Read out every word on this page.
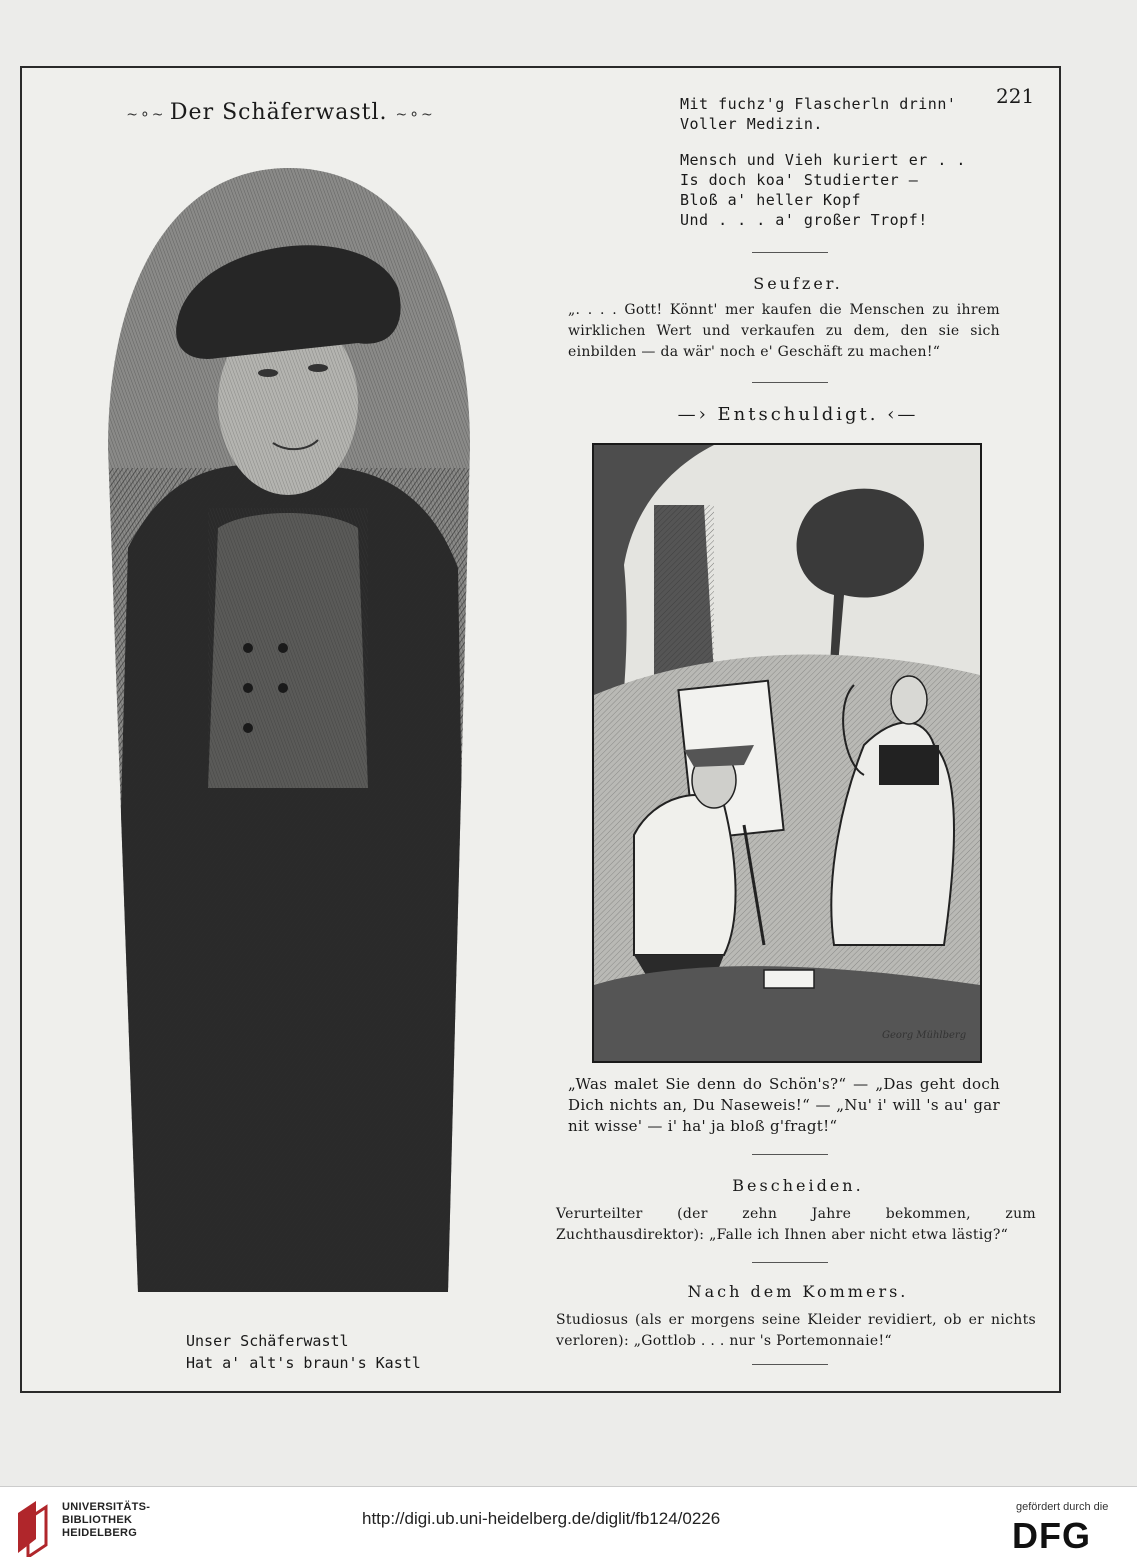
221
~⚬~ Der Schäferwastl. ~⚬~
Unser Schäferwastl
Hat a' alt's braun's Kastl
Mit fuchz'g Flascherln drinn'
Voller Medizin.
Mensch und Vieh kuriert er . .
Is doch koa' Studierter —
Bloß a' heller Kopf
Und . . . a' großer Tropf!
Seufzer.
„. . . . Gott! Könnt' mer kaufen die Menschen zu ihrem wirklichen Wert und verkaufen zu dem, den sie sich einbilden — da wär' noch e' Geschäft zu machen!“
—› Entschuldigt. ‹—
Georg Mühlberg
„Was malet Sie denn do Schön's?“ — „Das geht doch Dich nichts an, Du Naseweis!“ — „Nu' i' will 's au' gar nit wisse' — i' ha' ja bloß g'fragt!“
Bescheiden.
Verurteilter (der zehn Jahre bekommen, zum Zuchthausdirektor): „Falle ich Ihnen aber nicht etwa lästig?“
Nach dem Kommers.
Studiosus (als er morgens seine Kleider revidiert, ob er nichts verloren): „Gottlob . . . nur 's Portemonnaie!“
UNIVERSITÄTS-
BIBLIOTHEK
HEIDELBERG
http://digi.ub.uni-heidelberg.de/diglit/fb124/0226
gefördert durch die
DFG
